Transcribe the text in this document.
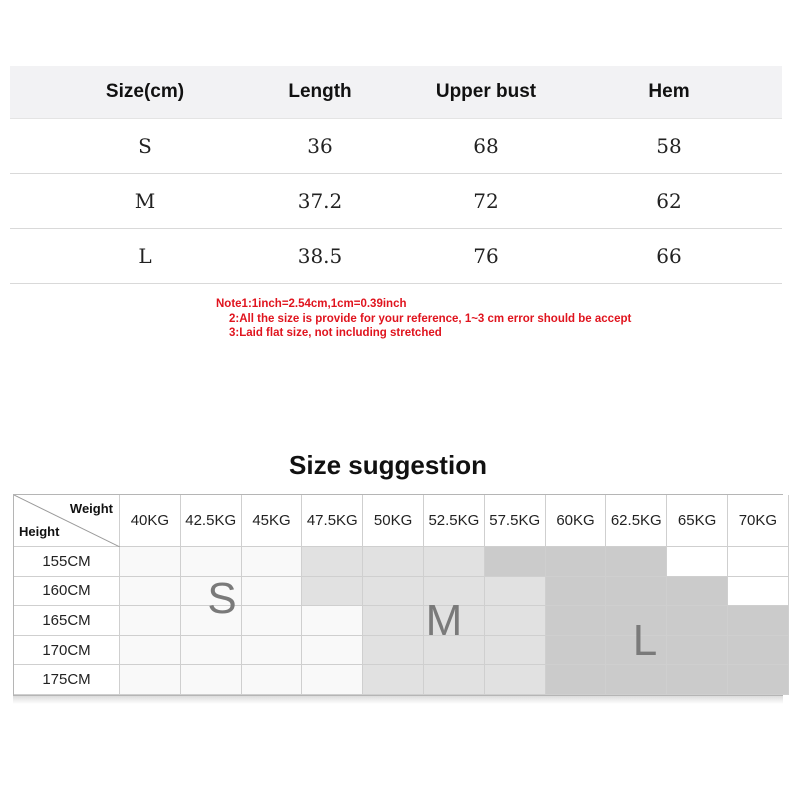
Size(cm)	Length	Upper bust	Hem
S	36	68	58
M	37.2	72	62
L	38.5	76	66
Note1:1inch=2.54cm,1cm=0.39inch
2:All the size is provide for your reference, 1~3 cm error should be accept
3:Laid flat size, not including stretched
Size suggestion
Weight
Height
40KG	42.5KG	45KG	47.5KG	50KG	52.5KG 57.5KG	60KG	62.5KG	65KG	70KG
155CM
160CM
165CM
170CM
175CM
S	M	L
